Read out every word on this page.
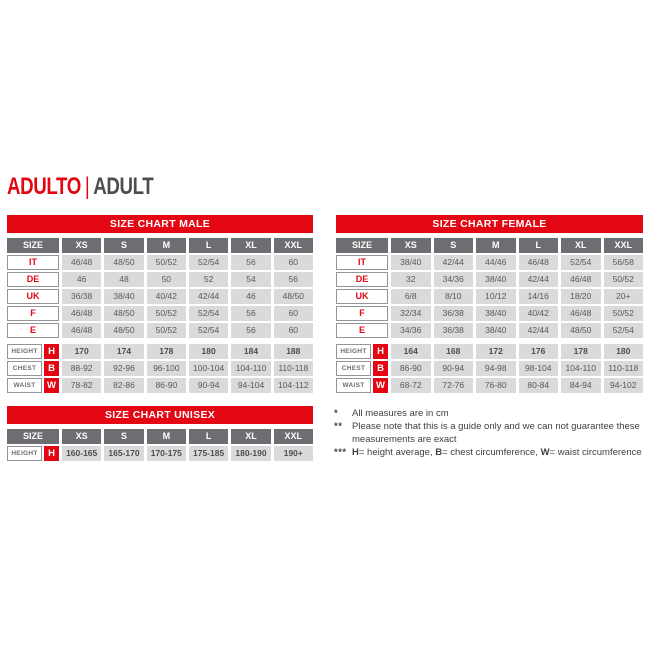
ADULTO | ADULT
SIZE CHART MALE
SIZE	XS	S	M	L	XL	XXL
IT	46/48	48/50	50/52	52/54	56	60
DE	46	48	50	52	54	56
UK	36/38	38/40	40/42	42/44	46	48/50
F	46/48	48/50	50/52	52/54	56	60
E	46/48	48/50	50/52	52/54	56	60
HEIGHT	H	170	174	178	180	184	188
CHEST	B	88-92	92-96	96-100	100-104	104-110	110-118
WAIST	W	78-82	82-86	86-90	90-94	94-104	104-112
SIZE CHART FEMALE
SIZE	XS	S	M	L	XL	XXL
IT	38/40	42/44	44/46	46/48	52/54	56/58
DE	32	34/36	38/40	42/44	46/48	50/52
UK	6/8	8/10	10/12	14/16	18/20	20+
F	32/34	36/38	38/40	40/42	46/48	50/52
E	34/36	36/38	38/40	42/44	48/50	52/54
HEIGHT	H	164	168	172	176	178	180
CHEST	B	86-90	90-94	94-98	98-104	104-110	110-118
WAIST	W	68-72	72-76	76-80	80-84	84-94	94-102
SIZE CHART UNISEX
SIZE	XS	S	M	L	XL	XXL
HEIGHT	H	160-165	165-170	170-175	175-185	180-190	190+
*	All measures are in cm
**	Please note that this is a guide only and we can not guarantee these measurements are exact
*** H= height average, B= chest circumference, W= waist circumference
